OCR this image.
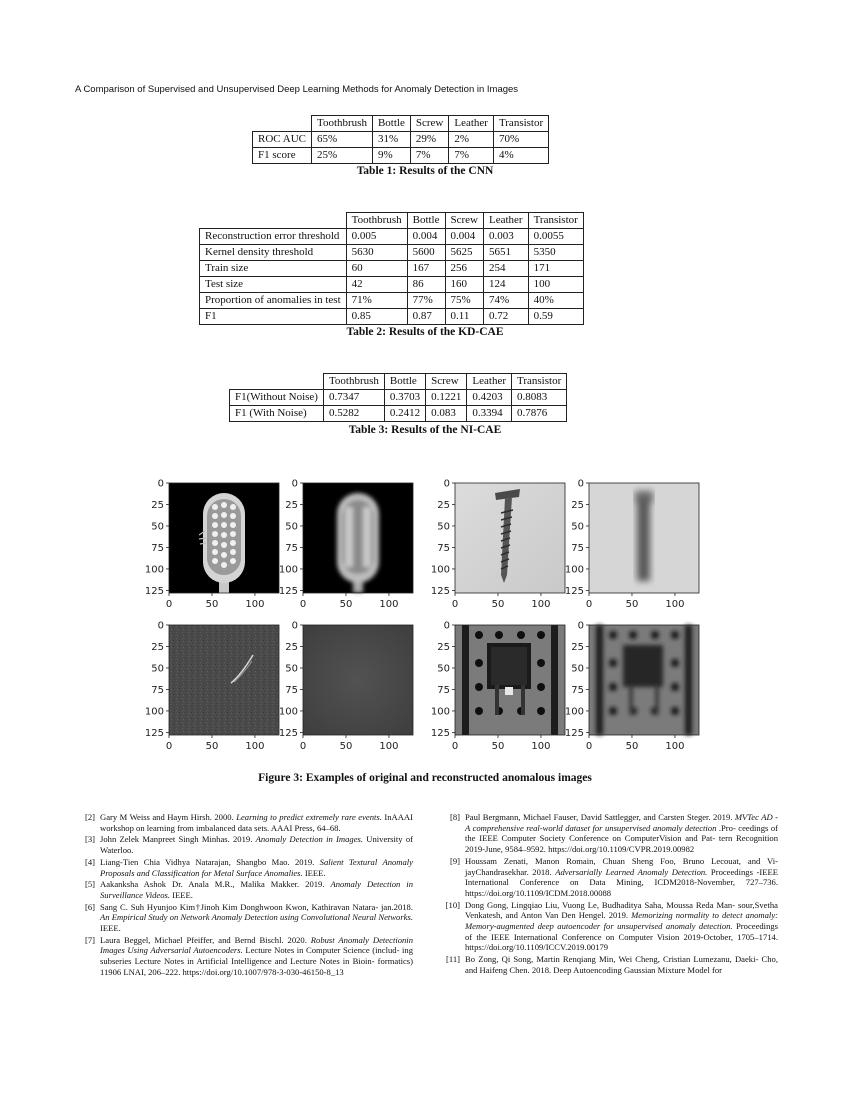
A Comparison of Supervised and Unsupervised Deep Learning Methods for Anomaly Detection in Images
	Toothbrush	Bottle	Screw	Leather	Transistor
ROC AUC	65%	31%	29%	2%	70%
F1 score	25%	9%	7%	7%	4%
Table 1: Results of the CNN
	Toothbrush	Bottle	Screw	Leather	Transistor
Reconstruction error threshold	0.005	0.004	0.004	0.003	0.0055
Kernel density threshold	5630	5600	5625	5651	5350
Train size	60	167	256	254	171
Test size	42	86	160	124	100
Proportion of anomalies in test	71%	77%	75%	74%	40%
F1	0.85	0.87	0.11	0.72	0.59
Table 2: Results of the KD-CAE
	Toothbrush	Bottle	Screw	Leather	Transistor
F1(Without Noise)	0.7347	0.3703	0.1221	0.4203	0.8083
F1 (With Noise)	0.5282	0.2412	0.083	0.3394	0.7876
Table 3: Results of the NI-CAE
0
25
50
75
100
125
0	50	100
0
25
50
75
100
125
0	50	100
0
25
50
75
100
125
0	50	100
0
25
50
75
100
125
0	50	100
0
25
50
75
100
125
0	50	100
0
25
50
75
100
125
0	50	100
0
25
50
75
100
125
0	50	100
0
25
50
75
100
125
0	50	100
Figure 3: Examples of original and reconstructed anomalous images
[2] Gary M Weiss and Haym Hirsh. 2000. Learning to predict extremely rare events. InAAAI workshop on learning from imbalanced data sets. AAAI Press, 64–68.
[3] John Zelek Manpreet Singh Minhas. 2019. Anomaly Detection in Images. University of Waterloo.
[4] Liang-Tien Chia Vidhya Natarajan, Shangbo Mao. 2019. Salient Textural Anomaly Proposals and Classification for Metal Surface Anomalies. IEEE.
[5] Aakanksha Ashok Dr. Anala M.R., Malika Makker. 2019. Anomaly Detection in Surveillance Videos. IEEE.
[6] Sang C. Suh Hyunjoo Kim†Jinoh Kim Donghwoon Kwon, Kathiravan Natara- jan.2018. An Empirical Study on Network Anomaly Detection using Convolutional Neural Networks. IEEE.
[7] Laura Beggel, Michael Pfeiffer, and Bernd Bischl. 2020. Robust Anomaly Detectionin Images Using Adversarial Autoencoders. Lecture Notes in Computer Science (includ- ing subseries Lecture Notes in Artificial Intelligence and Lecture Notes in Bioin- formatics) 11906 LNAI, 206–222. https://doi.org/10.1007/978-3-030-46150-8_13
[8] Paul Bergmann, Michael Fauser, David Sattlegger, and Carsten Steger. 2019. MVTec AD - A comprehensive real-world dataset for unsupervised anomaly detection .Pro- ceedings of the IEEE Computer Society Conference on ComputerVision and Pat- tern Recognition 2019-June, 9584–9592. https://doi.org/10.1109/CVPR.2019.00982
[9] Houssam Zenati, Manon Romain, Chuan Sheng Foo, Bruno Lecouat, and Vi- jayChandrasekhar. 2018. Adversarially Learned Anomaly Detection. Proceedings -IEEE International Conference on Data Mining, ICDM2018-November, 727–736. https://doi.org/10.1109/ICDM.2018.00088
[10] Dong Gong, Lingqiao Liu, Vuong Le, Budhaditya Saha, Moussa Reda Man- sour,Svetha Venkatesh, and Anton Van Den Hengel. 2019. Memorizing normality to detect anomaly: Memory-augmented deep autoencoder for unsupervised anomaly detection. Proceedings of the IEEE International Conference on Computer Vision 2019-October, 1705–1714. https://doi.org/10.1109/ICCV.2019.00179
[11] Bo Zong, Qi Song, Martin Renqiang Min, Wei Cheng, Cristian Lumezanu, Daeki- Cho, and Haifeng Chen. 2018. Deep Autoencoding Gaussian Mixture Model for
